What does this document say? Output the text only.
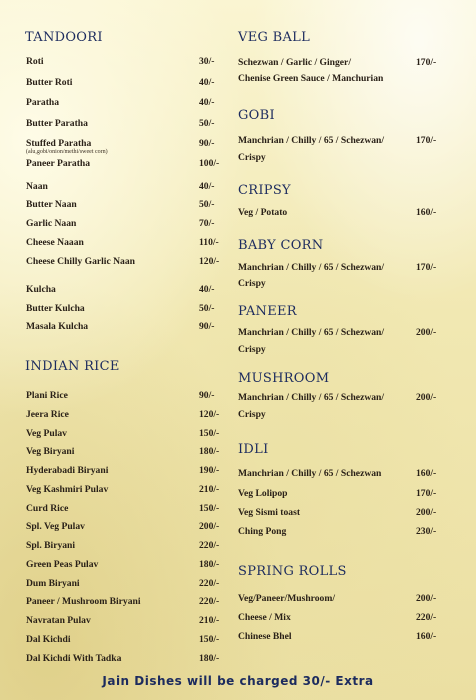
TANDOORI
Roti	30/-
Butter Roti	40/-
Paratha	40/-
Butter Paratha	50/-
Stuffed Paratha	90/-
(alu,gobi/onion/methi/sweet corn)
Paneer Paratha	100/-
Naan	40/-
Butter Naan	50/-
Garlic Naan	70/-
Cheese Naaan	110/-
Cheese Chilly Garlic Naan	120/-
Kulcha	40/-
Butter Kulcha	50/-
Masala Kulcha	90/-
INDIAN RICE
Plani Rice	90/-
Jeera Rice	120/-
Veg Pulav	150/-
Veg Biryani	180/-
Hyderabadi Biryani	190/-
Veg Kashmiri Pulav	210/-
Curd Rice	150/-
Spl. Veg Pulav	200/-
Spl. Biryani	220/-
Green Peas Pulav	180/-
Dum Biryani	220/-
Paneer / Mushroom Biryani	220/-
Navratan Pulav	210/-
Dal Kichdi	150/-
Dal Kichdi With Tadka	180/-
VEG BALL
Schezwan / Garlic / Ginger/
Chenise Green Sauce / Manchurian
170/-
GOBI
Manchrian / Chilly / 65 / Schezwan/
Crispy
170/-
CRIPSY
Veg / Potato	160/-
BABY CORN
Manchrian / Chilly / 65 / Schezwan/
Crispy
170/-
PANEER
Manchrian / Chilly / 65 / Schezwan/
Crispy
200/-
MUSHROOM
Manchrian / Chilly / 65 / Schezwan/
Crispy
200/-
IDLI
Manchrian / Chilly / 65 / Schezwan	160/-
Veg Lolipop	170/-
Veg Sismi toast	200/-
Ching Pong	230/-
SPRING ROLLS
Veg/Paneer/Mushroom/	200/-
Cheese / Mix	220/-
Chinese Bhel	160/-
Jain Dishes will be charged 30/- Extra
